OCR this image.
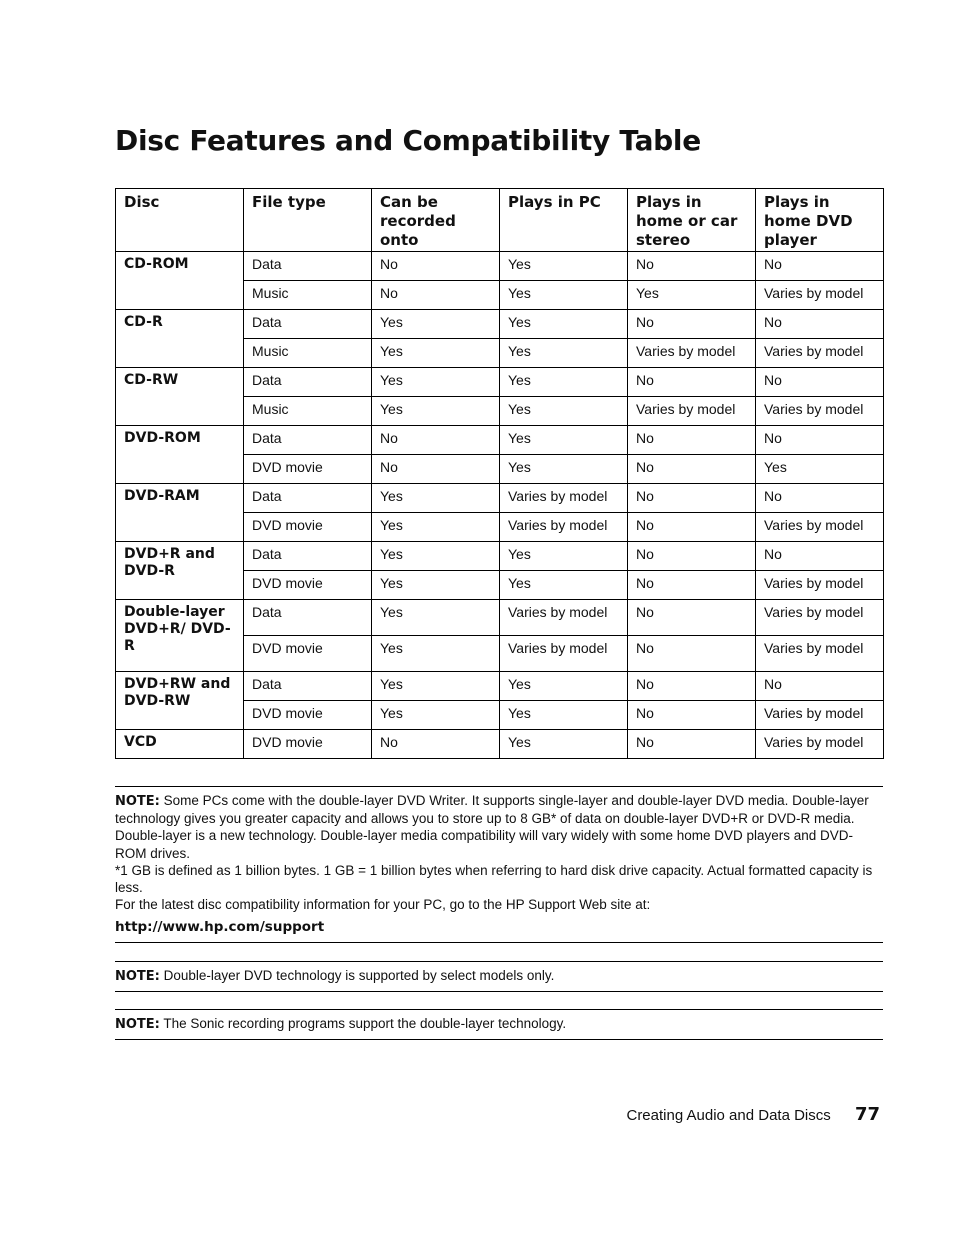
Disc Features and Compatibility Table
Disc	File type	Can be recorded onto	Plays in PC	Plays in home or car stereo	Plays in home DVD player
CD-ROM	Data	No	Yes	No	No
	Music	No	Yes	Yes	Varies by model
CD-R	Data	Yes	Yes	No	No
	Music	Yes	Yes	Varies by model	Varies by model
CD-RW	Data	Yes	Yes	No	No
	Music	Yes	Yes	Varies by model	Varies by model
DVD-ROM	Data	No	Yes	No	No
	DVD movie	No	Yes	No	Yes
DVD-RAM	Data	Yes	Varies by model	No	No
	DVD movie	Yes	Varies by model	No	Varies by model
DVD+R and DVD-R	Data	Yes	Yes	No	No
	DVD movie	Yes	Yes	No	Varies by model
Double-layer DVD+R/ DVD-R	Data	Yes	Varies by model	No	Varies by model
	DVD movie	Yes	Varies by model	No	Varies by model
DVD+RW and DVD-RW	Data	Yes	Yes	No	No
	DVD movie	Yes	Yes	No	Varies by model
VCD	DVD movie	No	Yes	No	Varies by model

NOTE: Some PCs come with the double-layer DVD Writer. It supports single-layer and double-layer DVD media. Double-layer technology gives you greater capacity and allows you to store up to 8 GB* of data on double-layer DVD+R or DVD-R media. Double-layer is a new technology. Double-layer media compatibility will vary widely with some home DVD players and DVD-ROM drives.

*1 GB is defined as 1 billion bytes. 1 GB = 1 billion bytes when referring to hard disk drive capacity. Actual formatted capacity is less.

For the latest disc compatibility information for your PC, go to the HP Support Web site at:

http://www.hp.com/support

NOTE: Double-layer DVD technology is supported by select models only.

NOTE: The Sonic recording programs support the double-layer technology.

Creating Audio and Data Discs 77
